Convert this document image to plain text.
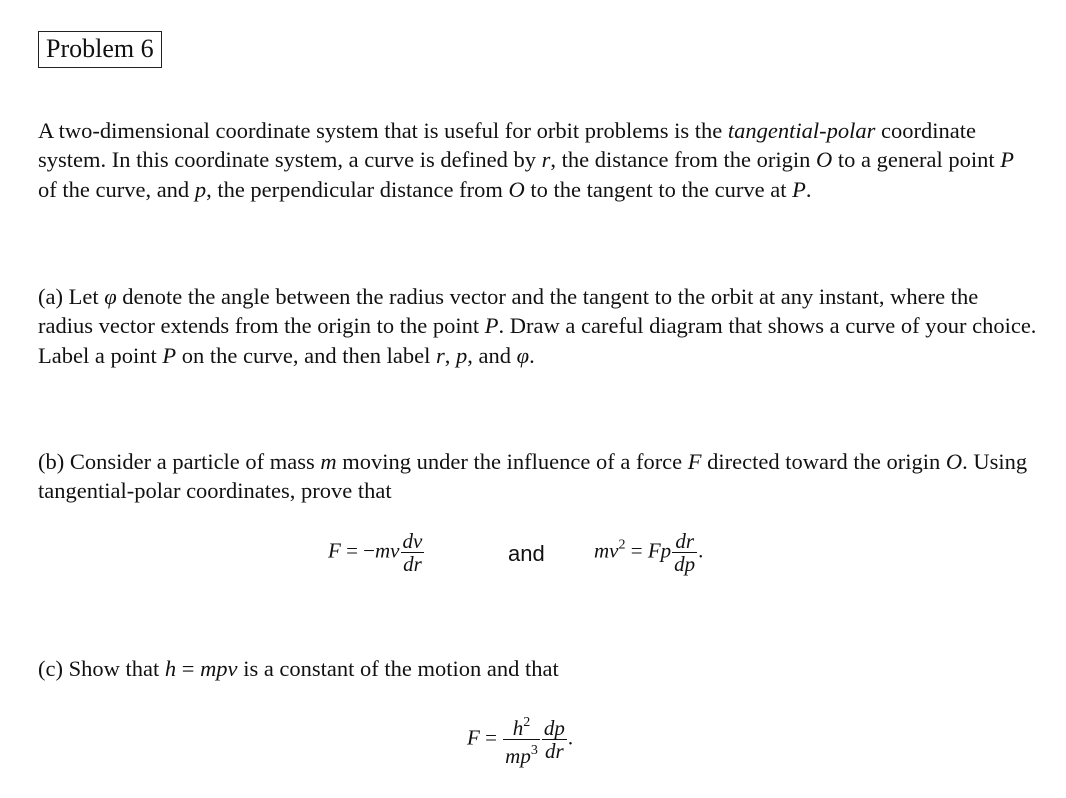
Problem 6

A two-dimensional coordinate system that is useful for orbit problems is the tangential-polar coordinate system. In this coordinate system, a curve is defined by r, the distance from the origin O to a general point P of the curve, and p, the perpendicular distance from O to the tangent to the curve at P.

(a) Let φ denote the angle between the radius vector and the tangent to the orbit at any instant, where the radius vector extends from the origin to the point P. Draw a careful diagram that shows a curve of your choice. Label a point P on the curve, and then label r, p, and φ.

(b) Consider a particle of mass m moving under the influence of a force F directed toward the origin O. Using tangential-polar coordinates, prove that

$F = -mv \frac{dv}{dr}$	and $mv^2 = Fp \frac{dr}{dp}$ .

(c) Show that h = mpv is a constant of the motion and that

$F = \frac{h^2}{mp^3} \frac{dp}{dr}$ .
